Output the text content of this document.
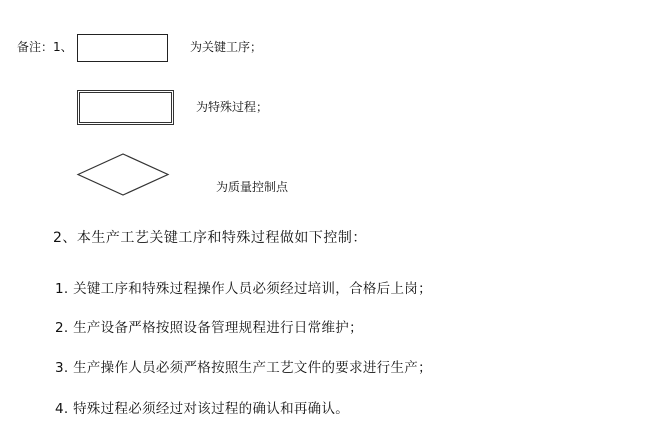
备注：1、	为关键工序；
为特殊过程；
为质量控制点
2、本生产工艺关键工序和特殊过程做如下控制：
1. 关键工序和特殊过程操作人员必须经过培训，合格后上岗；
2. 生产设备严格按照设备管理规程进行日常维护；
3. 生产操作人员必须严格按照生产工艺文件的要求进行生产；
4. 特殊过程必须经过对该过程的确认和再确认。
